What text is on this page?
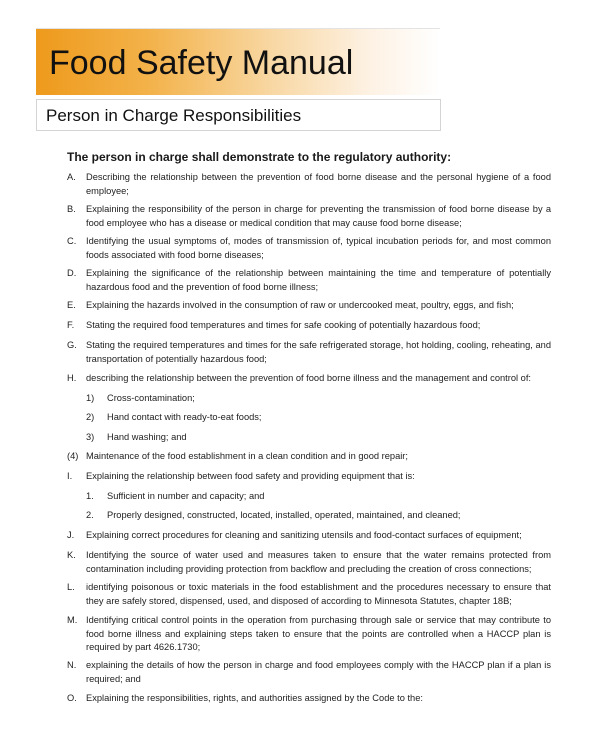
Food Safety Manual
Person in Charge Responsibilities
The person in charge shall demonstrate to the regulatory authority:
A. Describing the relationship between the prevention of food borne disease and the personal hygiene of a food employee;
B. Explaining the responsibility of the person in charge for preventing the transmission of food borne disease by a food employee who has a disease or medical condition that may cause food borne disease;
C. Identifying the usual symptoms of, modes of transmission of, typical incubation periods for, and most common foods associated with food borne diseases;
D. Explaining the significance of the relationship between maintaining the time and temperature of potentially hazardous food and the prevention of food borne illness;
E. Explaining the hazards involved in the consumption of raw or undercooked meat, poultry, eggs, and fish;
F. Stating the required food temperatures and times for safe cooking of potentially hazardous food;
G. Stating the required temperatures and times for the safe refrigerated storage, hot holding, cooling, reheating, and transportation of potentially hazardous food;
H. describing the relationship between the prevention of food borne illness and the management and control of:
1) Cross-contamination;
2) Hand contact with ready-to-eat foods;
3) Hand washing; and
(4) Maintenance of the food establishment in a clean condition and in good repair;
I. Explaining the relationship between food safety and providing equipment that is:
1. Sufficient in number and capacity; and
2. Properly designed, constructed, located, installed, operated, maintained, and cleaned;
J. Explaining correct procedures for cleaning and sanitizing utensils and food-contact surfaces of equipment;
K. Identifying the source of water used and measures taken to ensure that the water remains protected from contamination including providing protection from backflow and precluding the creation of cross connections;
L. identifying poisonous or toxic materials in the food establishment and the procedures necessary to ensure that they are safely stored, dispensed, used, and disposed of according to Minnesota Statutes, chapter 18B;
M. Identifying critical control points in the operation from purchasing through sale or service that may contribute to food borne illness and explaining steps taken to ensure that the points are controlled when a HACCP plan is required by part 4626.1730;
N. explaining the details of how the person in charge and food employees comply with the HACCP plan if a plan is required; and
O. Explaining the responsibilities, rights, and authorities assigned by the Code to the:
